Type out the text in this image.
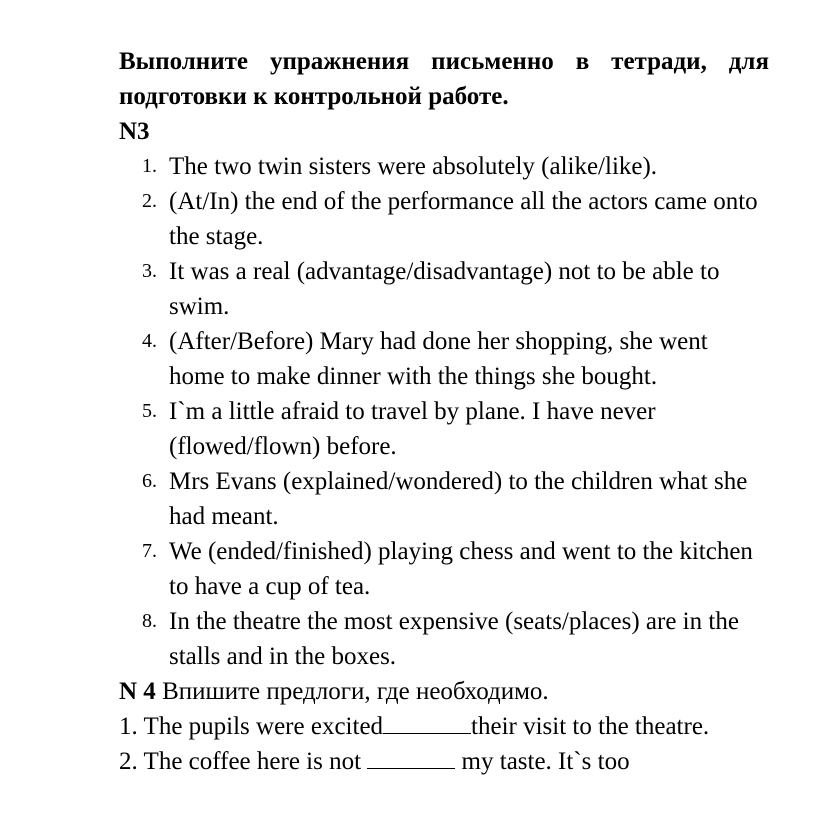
Выполните упражнения письменно в тетради, для подготовки к контрольной работе.
N3
1. The two twin sisters were absolutely (alike/like).
2. (At/In) the end of the performance all the actors came onto the stage.
3. It was a real (advantage/disadvantage) not to be able to swim.
4. (After/Before) Mary had done her shopping, she went home to make dinner with the things she bought.
5. I`m a little afraid to travel by plane. I have never (flowed/flown) before.
6. Mrs Evans (explained/wondered) to the children what she had meant.
7. We (ended/finished) playing chess and went to the kitchen to have a cup of tea.
8. In the theatre the most expensive (seats/places) are in the stalls and in the boxes.
N 4 Впишите предлоги, где необходимо.
1. The pupils were excited	their visit to the theatre.
2. The coffee here is not	my taste. It`s too
